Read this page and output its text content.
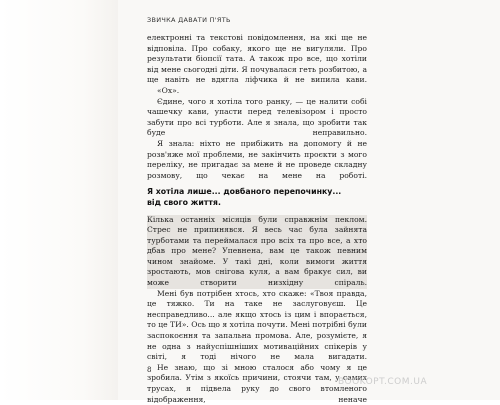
ЗВИЧКА ДАВАТИ П'ЯТЬ
електронні та текстові повідомлення, на які ще не відповіла. Про собаку, якого ще не вигуляли. Про результати біопсії тата. А також про все, що хотіли від мене сьогодні діти. Я почувалася геть розбитою, а ще навіть не вдягла ліфчика й не випила кави.
«Ох».
Єдине, чого я хотіла того ранку, — це налити собі чашечку кави, упасти перед телевізором і просто забути про всі турботи. Але я знала, що зробити так буде неправильно.
Я знала: ніхто не прибіжить на допомогу й не розв'яже мої проблеми, не закінчить проєкти з мого переліку, не пригадає за мене й не проведе складну розмову, що чекає на мене на роботі.
Я хотіла лише... довбаного перепочинку...
від свого життя.
Кілька останніх місяців були справжнім пеклом. Стрес не припинявся. Я весь час була зайнята турботами та переймалася про всіх та про все, а хто дбав про мене? Упевнена, вам це також певним чином знайоме. У такі дні, коли вимоги життя зростають, мов снігова куля, а вам бракує сил, ви може створити низхідну спіраль.
Мені був потрібен хтось, хто скаже: «Твоя правда, це тяжко. Ти на таке не заслуговуєш. Це несправедливо... але якщо хтось із цим і впорається, то це ТИ». Ось що я хотіла почути. Мені потрібні були заспокоєння та запальна промова. Але, розумієте, я не одна з найуспішніших мотиваційних спікерів у світі, я тоді нічого не мала вигадати.
Не знаю, що зі мною сталося або чому я це зробила. Утім з якоїсь причини, стоячи там, у самих трусах, я підвела руку до свого втомленого відображення, неначе
8
BOOKOPT.COM.UA
